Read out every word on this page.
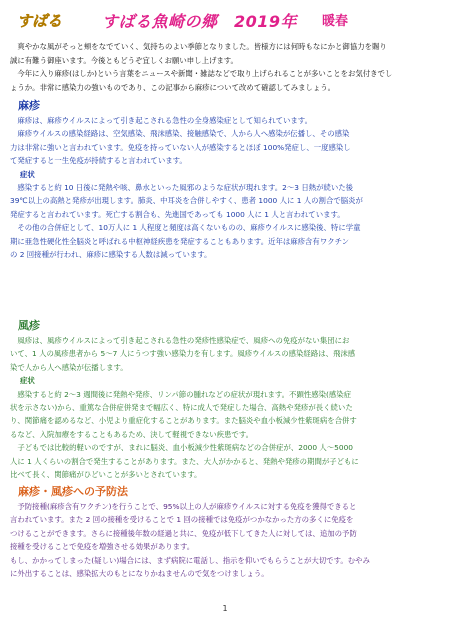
すばる すばる魚崎の郷　2019年 暖春

　爽やかな風がそっと頬をなでていく、気持ちのよい季節となりました。皆様方には何時もなにかと御協力を賜り

誠に有難う御座います。今後ともどうぞ宜しくお願い申し上げます。

　今年に入り麻疹(はしか)という言葉をニュースや新聞・雑誌などで取り上げられることが多いことをお気付きでし

ょうか。非常に感染力の強いものであり、この記事から麻疹について改めて確認してみましょう。

麻疹

　麻疹は、麻疹ウイルスによって引き起こされる急性の全身感染症として知られています。

　麻疹ウイルスの感染経路は、空気感染、飛沫感染、接触感染で、人から人へ感染が伝播し、その感染

力は非常に強いと言われています。免疫を持っていない人が感染するとほぼ 100%発症し、一度感染し

て発症すると一生免疫が持続すると言われています。

症状

　感染すると約 10 日後に発熱や咳、鼻水といった風邪のような症状が現れます。2～3 日熱が続いた後

39℃以上の高熱と発疹が出現します。肺炎、中耳炎を合併しやすく、患者 1000 人に 1 人の割合で脳炎が

発症すると言われています。死亡する割合も、先進国であっても 1000 人に 1 人と言われています。

　その他の合併症として、10万人に 1 人程度と頻度は高くないものの、麻疹ウイルスに感染後、特に学童

期に亜急性硬化性全脳炎と呼ばれる中枢神経疾患を発症することもあります。近年は麻疹含有ワクチン

の 2 回接種が行われ、麻疹に感染する人数は減っています。

風疹

　風疹は、風疹ウイルスによって引き起こされる急性の発疹性感染症で、風疹への免疫がない集団にお

いて、1 人の風疹患者から 5～7 人にうつす強い感染力を有します。風疹ウイルスの感染経路は、飛沫感

染で人から人へ感染が伝播します。

症状

　感染すると約 2～3 週間後に発熱や発疹、リンパ節の腫れなどの症状が現れます。不顕性感染(感染症

状を示さない)から、重篤な合併症併発まで幅広く、特に成人で発症した場合、高熱や発疹が長く続いた

り、関節痛を認めるなど、小児より重症化することがあります。また脳炎や血小板減少性紫斑病を合併す

るなど、入院加療をすることもあるため、決して軽視できない疾患です。

　子どもでは比較的軽いのですが、まれに脳炎、血小板減少性紫斑病などの合併症が、2000 人～5000

人に 1 人くらいの割合で発生することがあります。また、大人がかかると、発熱や発疹の期間が子どもに

比べて長く、関節痛がひどいことが多いとされています。

麻疹・風疹への予防法

　予防接種(麻疹含有ワクチン)を行うことで、95%以上の人が麻疹ウイルスに対する免疫を獲得できると

言われています。また 2 回の接種を受けることで 1 回の接種では免疫がつかなかった方の多くに免疫を

つけることができます。さらに接種後年数の経過と共に、免疫が低下してきた人に対しては、追加の予防

接種を受けることで免疫を増強させる効果があります。

もし、かかってしまった(疑しい)場合には、まず病院に電話し、指示を仰いでもらうことが大切です。むやみ

に外出することは、感染拡大のもとになりかねませんので気をつけましょう。

1
